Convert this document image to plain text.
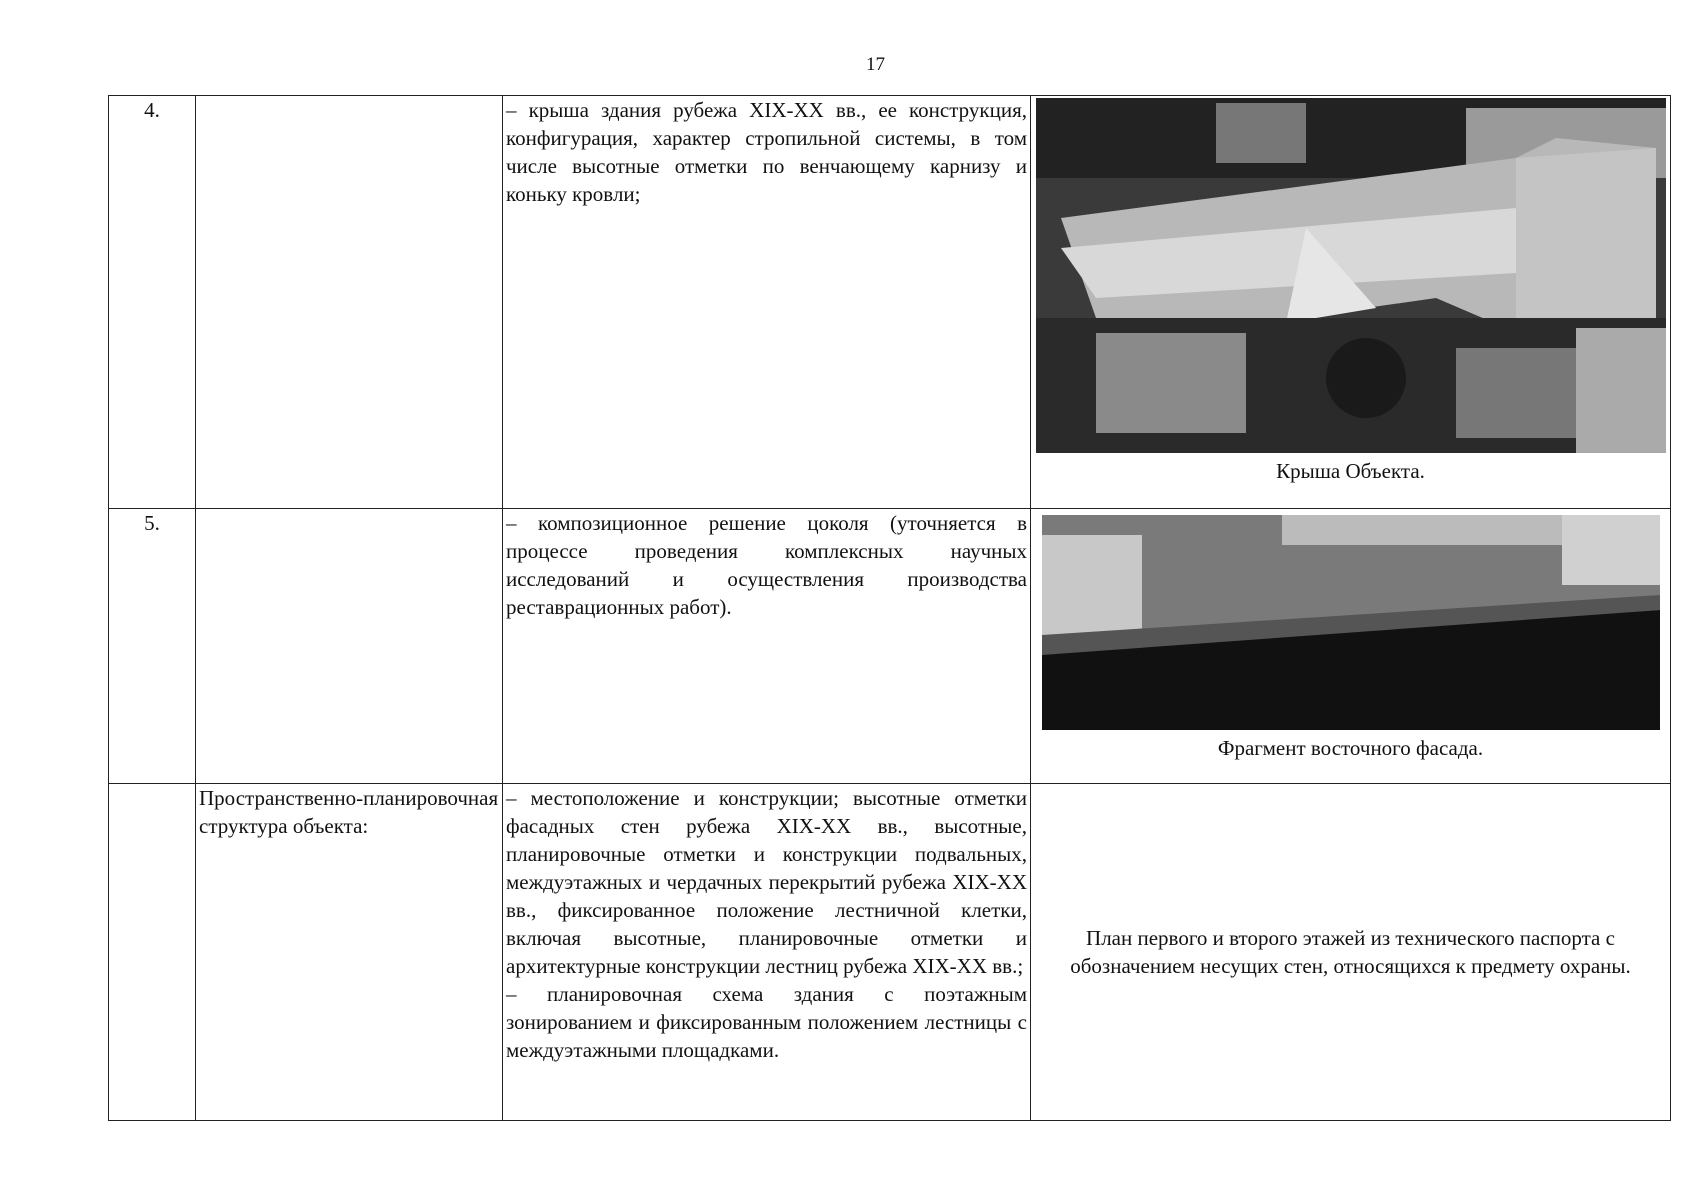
17
4.		– крыша здания рубежа XIX-XX вв., ее конструкция, конфигурация, характер стропильной системы, в том числе высотные отметки по венчающему карнизу и коньку кровли;	Крыша Объекта.

5.		– композиционное решение цоколя (уточняется в процессе проведения комплексных научных исследований и осуществления производства реставрационных работ).	Фрагмент восточного фасада.

	Пространственно-планировочная структура объекта:	– местоположение и конструкции; высотные отметки фасадных стен рубежа XIX-XX вв., высотные, планировочные отметки и конструкции подвальных, междуэтажных и чердачных перекрытий рубежа XIX-XX вв., фиксированное положение лестничной клетки, включая высотные, планировочные отметки и архитектурные конструкции лестниц рубежа XIX-XX вв.;
– планировочная схема здания с поэтажным зонированием и фиксированным положением лестницы с междуэтажными площадками.	План первого и второго этажей из технического паспорта с обозначением несущих стен, относящихся к предмету охраны.
